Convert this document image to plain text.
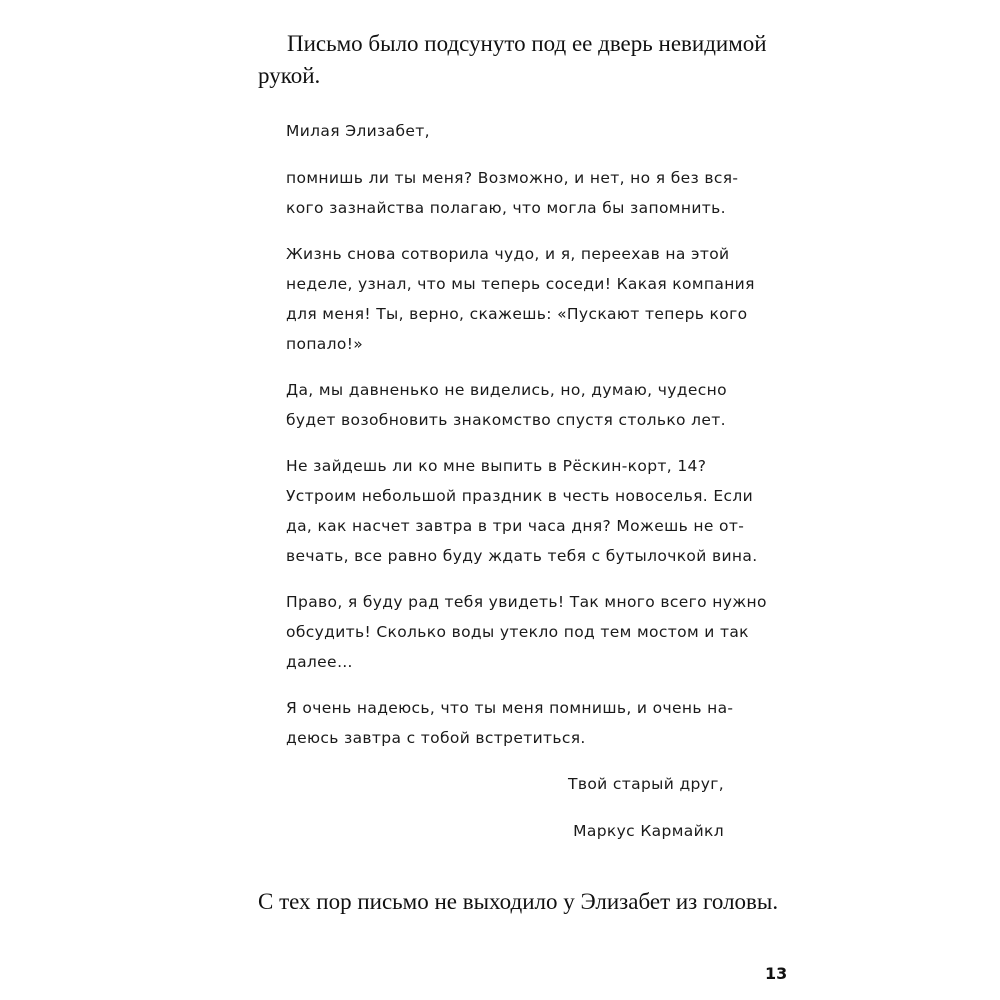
Письмо было подсунуто под ее дверь невидимой

рукой.

Милая Элизабет,

помнишь ли ты меня? Возможно, и нет, но я без вся-

кого зазнайства полагаю, что могла бы запомнить.

Жизнь снова сотворила чудо, и я, переехав на этой

неделе, узнал, что мы теперь соседи! Какая компания

для меня! Ты, верно, скажешь: «Пускают теперь кого

попало!»

Да, мы давненько не виделись, но, думаю, чудесно

будет возобновить знакомство спустя столько лет.

Не зайдешь ли ко мне выпить в Рёскин-корт, 14?

Устроим небольшой праздник в честь новоселья. Если

да, как насчет завтра в три часа дня? Можешь не от-

вечать, все равно буду ждать тебя с бутылочкой вина.

Право, я буду рад тебя увидеть! Так много всего нужно

обсудить! Сколько воды утекло под тем мостом и так

далее…

Я очень надеюсь, что ты меня помнишь, и очень на-

деюсь завтра с тобой встретиться.

Твой старый друг,

Маркус Кармайкл

С тех пор письмо не выходило у Элизабет из головы.

13
